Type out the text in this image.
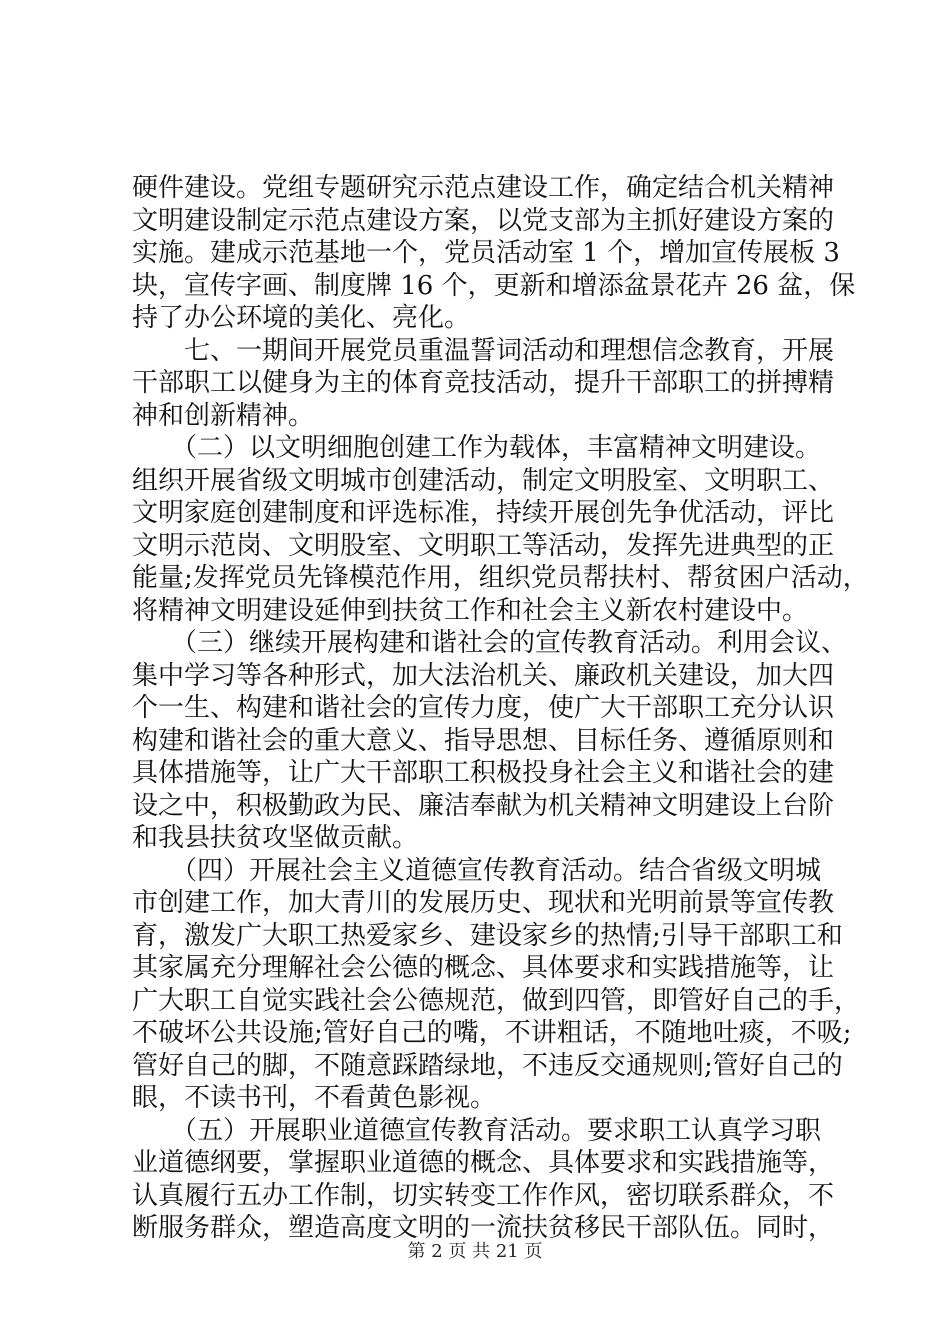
硬件建设。党组专题研究示范点建设工作，确定结合机关精神
文明建设制定示范点建设方案，以党支部为主抓好建设方案的
实施。建成示范基地一个，党员活动室 1 个，增加宣传展板 3
块，宣传字画、制度牌 16 个，更新和增添盆景花卉 26 盆，保
持了办公环境的美化、亮化。
　　七、一期间开展党员重温誓词活动和理想信念教育，开展
干部职工以健身为主的体育竞技活动，提升干部职工的拼搏精
神和创新精神。
　　（二）以文明细胞创建工作为载体，丰富精神文明建设。
组织开展省级文明城市创建活动，制定文明股室、文明职工、
文明家庭创建制度和评选标准，持续开展创先争优活动，评比
文明示范岗、文明股室、文明职工等活动，发挥先进典型的正
能量;发挥党员先锋模范作用，组织党员帮扶村、帮贫困户活动，
将精神文明建设延伸到扶贫工作和社会主义新农村建设中。
　　（三）继续开展构建和谐社会的宣传教育活动。利用会议、
集中学习等各种形式，加大法治机关、廉政机关建设，加大四
个一生、构建和谐社会的宣传力度，使广大干部职工充分认识
构建和谐社会的重大意义、指导思想、目标任务、遵循原则和
具体措施等，让广大干部职工积极投身社会主义和谐社会的建
设之中，积极勤政为民、廉洁奉献为机关精神文明建设上台阶
和我县扶贫攻坚做贡献。
　　（四）开展社会主义道德宣传教育活动。结合省级文明城
市创建工作，加大青川的发展历史、现状和光明前景等宣传教
育，激发广大职工热爱家乡、建设家乡的热情;引导干部职工和
其家属充分理解社会公德的概念、具体要求和实践措施等，让
广大职工自觉实践社会公德规范，做到四管，即管好自己的手，
不破坏公共设施;管好自己的嘴，不讲粗话，不随地吐痰，不吸;
管好自己的脚，不随意踩踏绿地，不违反交通规则;管好自己的
眼，不读书刊，不看黄色影视。
　　（五）开展职业道德宣传教育活动。要求职工认真学习职
业道德纲要，掌握职业道德的概念、具体要求和实践措施等，
认真履行五办工作制，切实转变工作作风，密切联系群众，不
断服务群众，塑造高度文明的一流扶贫移民干部队伍。同时，
第 2 页 共 21 页
